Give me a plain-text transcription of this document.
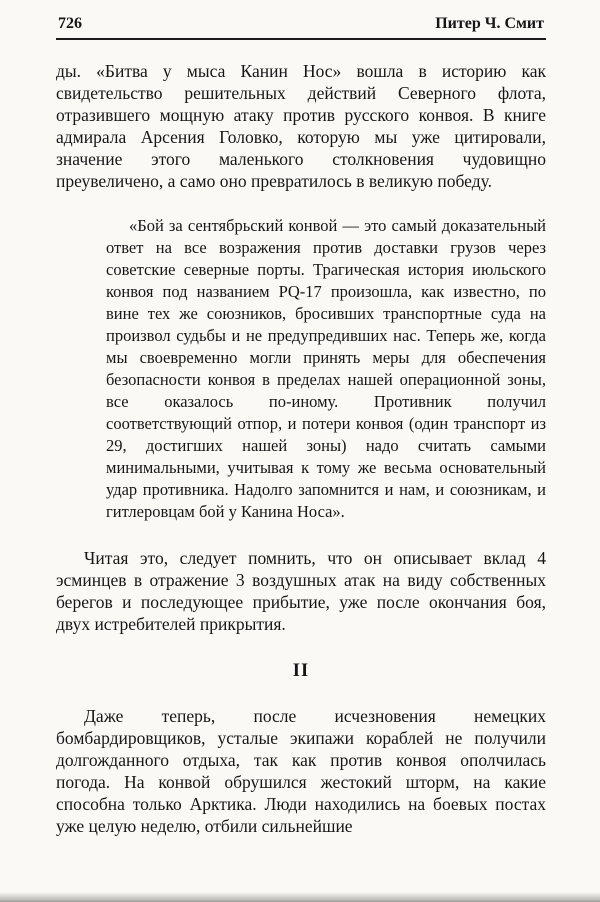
726	Питер Ч. Смит

ды. «Битва у мыса Канин Нос» вошла в историю как свидетельство решительных действий Северного флота, отразившего мощную атаку против русского конвоя. В книге адмирала Арсения Головко, которую мы уже цитировали, значение этого маленького столкновения чудовищно преувеличено, а само оно превратилось в великую победу.

«Бой за сентябрьский конвой — это самый доказательный ответ на все возражения против доставки грузов через советские северные порты. Трагическая история июльского конвоя под названием PQ-17 произошла, как известно, по вине тех же союзников, бросивших транспортные суда на произвол судьбы и не предупредивших нас. Теперь же, когда мы своевременно могли принять меры для обеспечения безопасности конвоя в пределах нашей операционной зоны, все оказалось по-иному. Противник получил соответствующий отпор, и потери конвоя (один транспорт из 29, достигших нашей зоны) надо считать самыми минимальными, учитывая к тому же весьма основательный удар противника. Надолго запомнится и нам, и союзникам, и гитлеровцам бой у Канина Носа».

Читая это, следует помнить, что он описывает вклад 4 эсминцев в отражение 3 воздушных атак на виду собственных берегов и последующее прибытие, уже после окончания боя, двух истребителей прикрытия.

II

Даже теперь, после исчезновения немецких бомбардировщиков, усталые экипажи кораблей не получили долгожданного отдыха, так как против конвоя ополчилась погода. На конвой обрушился жестокий шторм, на какие способна только Арктика. Люди находились на боевых постах уже целую неделю, отбили сильнейшие
